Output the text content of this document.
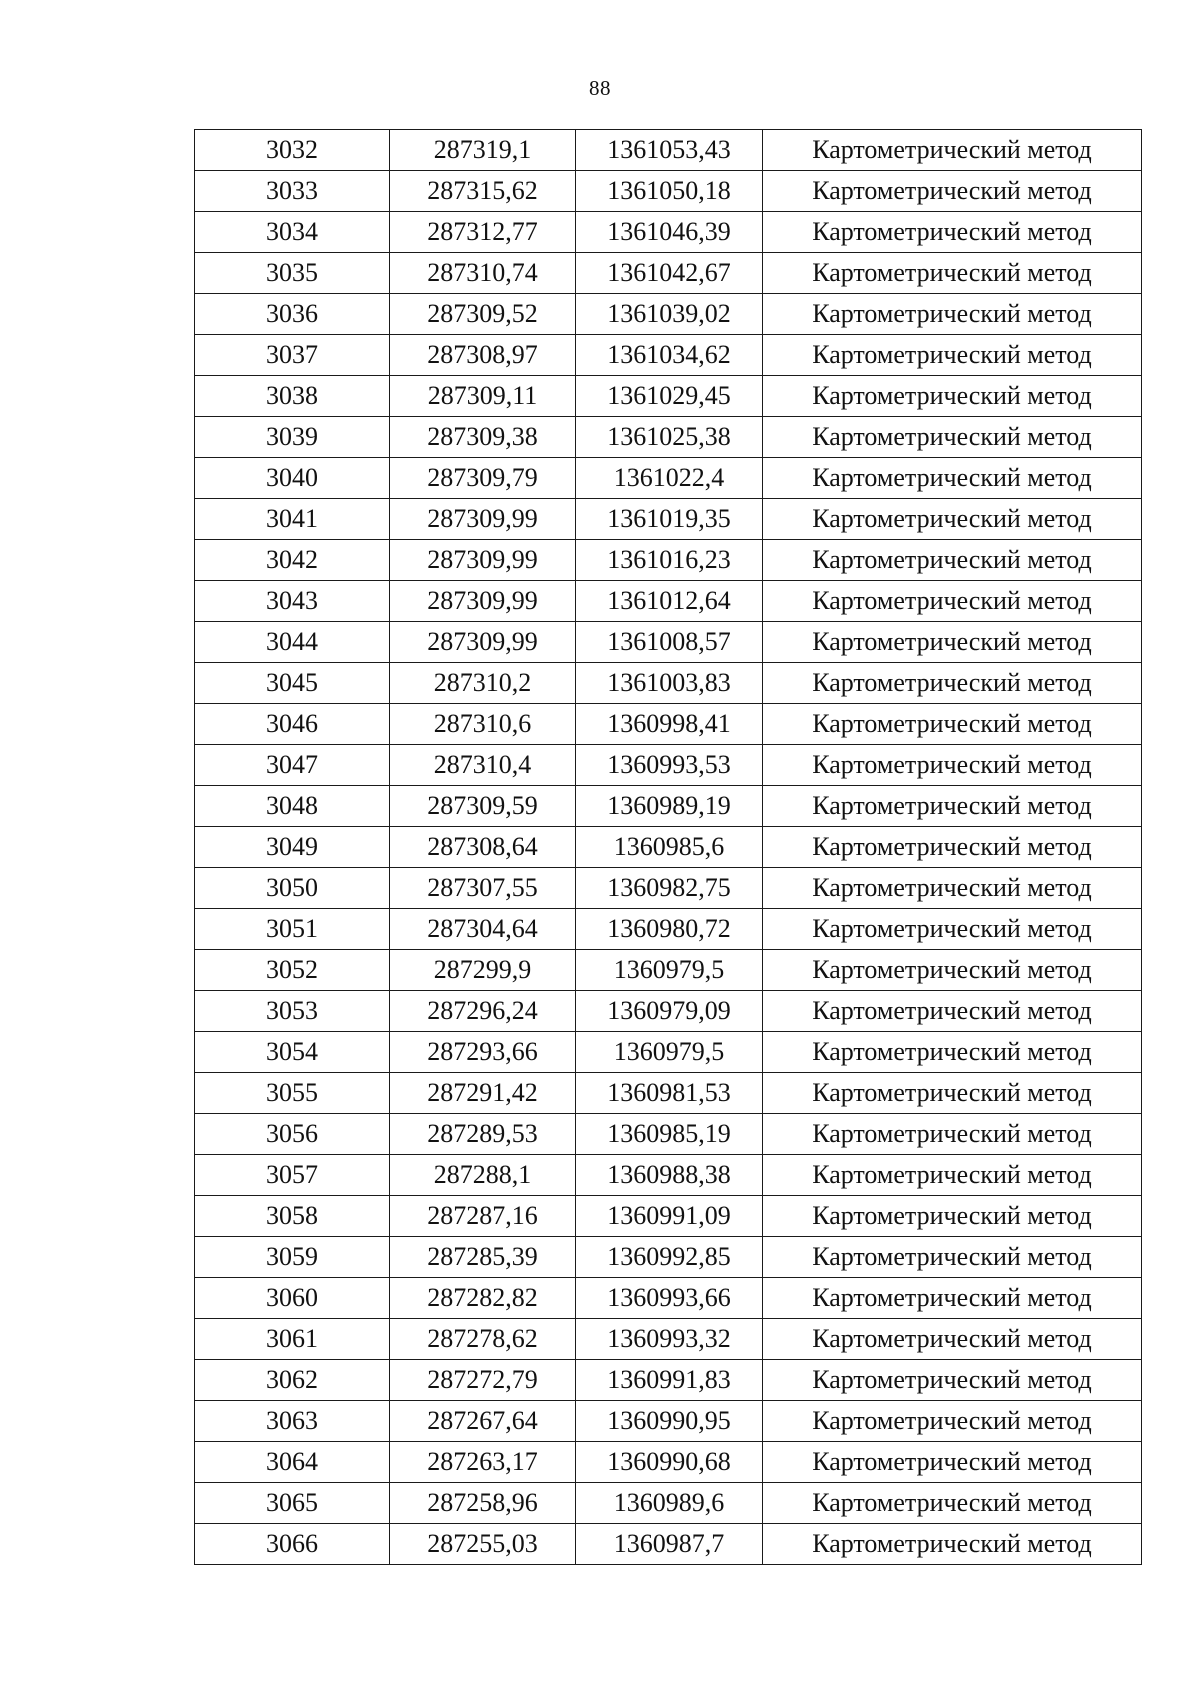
88
3032	287319,1	1361053,43	Картометрический метод
3033	287315,62	1361050,18	Картометрический метод
3034	287312,77	1361046,39	Картометрический метод
3035	287310,74	1361042,67	Картометрический метод
3036	287309,52	1361039,02	Картометрический метод
3037	287308,97	1361034,62	Картометрический метод
3038	287309,11	1361029,45	Картометрический метод
3039	287309,38	1361025,38	Картометрический метод
3040	287309,79	1361022,4	Картометрический метод
3041	287309,99	1361019,35	Картометрический метод
3042	287309,99	1361016,23	Картометрический метод
3043	287309,99	1361012,64	Картометрический метод
3044	287309,99	1361008,57	Картометрический метод
3045	287310,2	1361003,83	Картометрический метод
3046	287310,6	1360998,41	Картометрический метод
3047	287310,4	1360993,53	Картометрический метод
3048	287309,59	1360989,19	Картометрический метод
3049	287308,64	1360985,6	Картометрический метод
3050	287307,55	1360982,75	Картометрический метод
3051	287304,64	1360980,72	Картометрический метод
3052	287299,9	1360979,5	Картометрический метод
3053	287296,24	1360979,09	Картометрический метод
3054	287293,66	1360979,5	Картометрический метод
3055	287291,42	1360981,53	Картометрический метод
3056	287289,53	1360985,19	Картометрический метод
3057	287288,1	1360988,38	Картометрический метод
3058	287287,16	1360991,09	Картометрический метод
3059	287285,39	1360992,85	Картометрический метод
3060	287282,82	1360993,66	Картометрический метод
3061	287278,62	1360993,32	Картометрический метод
3062	287272,79	1360991,83	Картометрический метод
3063	287267,64	1360990,95	Картометрический метод
3064	287263,17	1360990,68	Картометрический метод
3065	287258,96	1360989,6	Картометрический метод
3066	287255,03	1360987,7	Картометрический метод
